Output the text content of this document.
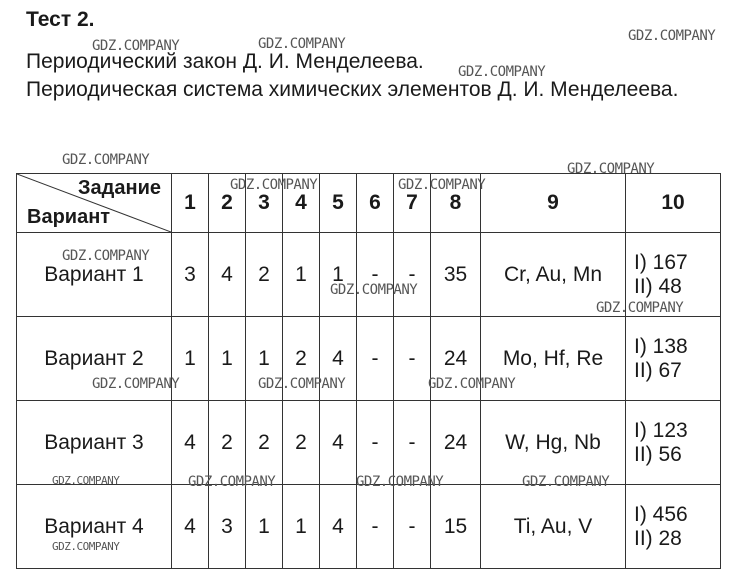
Тест 2.

Периодический закон Д. И. Менделеева.

Периодическая система химических элементов Д. И. Менделеева.

Задание
Вариант	1	2	3	4	5	6	7	8	9	10
Вариант 1	3	4	2	1	1	-	-	35	Cr, Au, Mn	I) 167
II) 48

Вариант 2	1	1	1	2	4	-	-	24	Mo, Hf, Re	I) 138
II) 67

Вариант 3	4	2	2	2	4	-	-	24	W, Hg, Nb	I) 123
II) 56

Вариант 4	4	3	1	1	4	-	-	15	Ti, Au, V	I) 456
II) 28
GDZ.COMPANY	GDZ.COMPANY	GDZ.COMPANY
GDZ.COMPANY
GDZ.COMPANY
GDZ.COMPANY
GDZ.COMPANY	GDZ.COMPANY
GDZ.COMPANY
GDZ.COMPANY
GDZ.COMPANY
GDZ.COMPANY	GDZ.COMPANY	GDZ.COMPANY
GDZ.COMPANY	GDZ.COMPANY	GDZ.COMPANY	GDZ.COMPANY
GDZ.COMPANY
